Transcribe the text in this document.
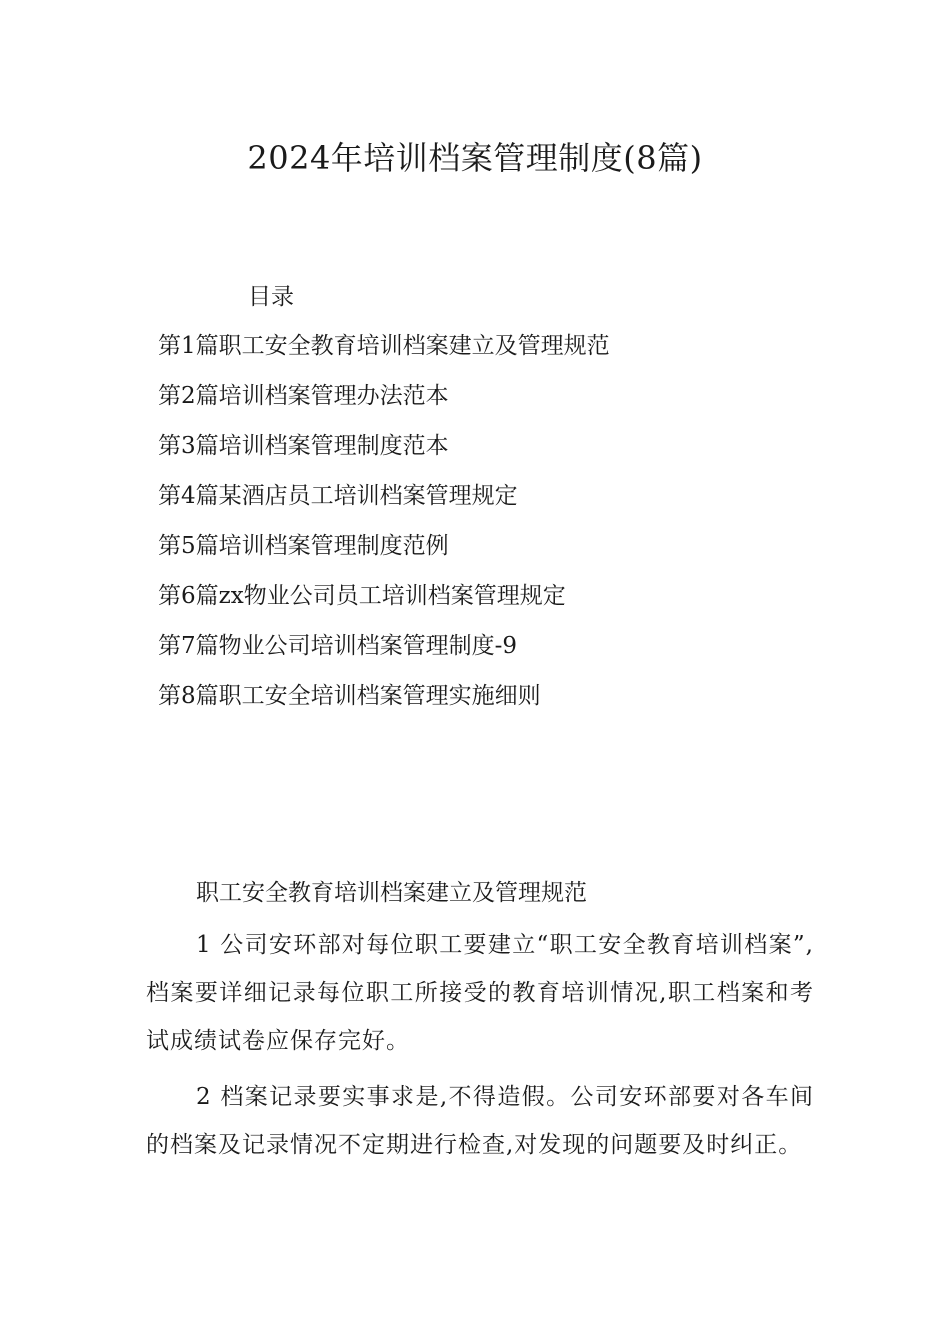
2024年培训档案管理制度(8篇)
目录
第1篇职工安全教育培训档案建立及管理规范
第2篇培训档案管理办法范本
第3篇培训档案管理制度范本
第4篇某酒店员工培训档案管理规定
第5篇培训档案管理制度范例
第6篇zx物业公司员工培训档案管理规定
第7篇物业公司培训档案管理制度-9
第8篇职工安全培训档案管理实施细则

职工安全教育培训档案建立及管理规范

1 公司安环部对每位职工要建立“职工安全教育培训档案”,档案要详细记录每位职工所接受的教育培训情况,职工档案和考试成绩试卷应保存完好。

2 档案记录要实事求是,不得造假。公司安环部要对各车间的档案及记录情况不定期进行检查,对发现的问题要及时纠正。
